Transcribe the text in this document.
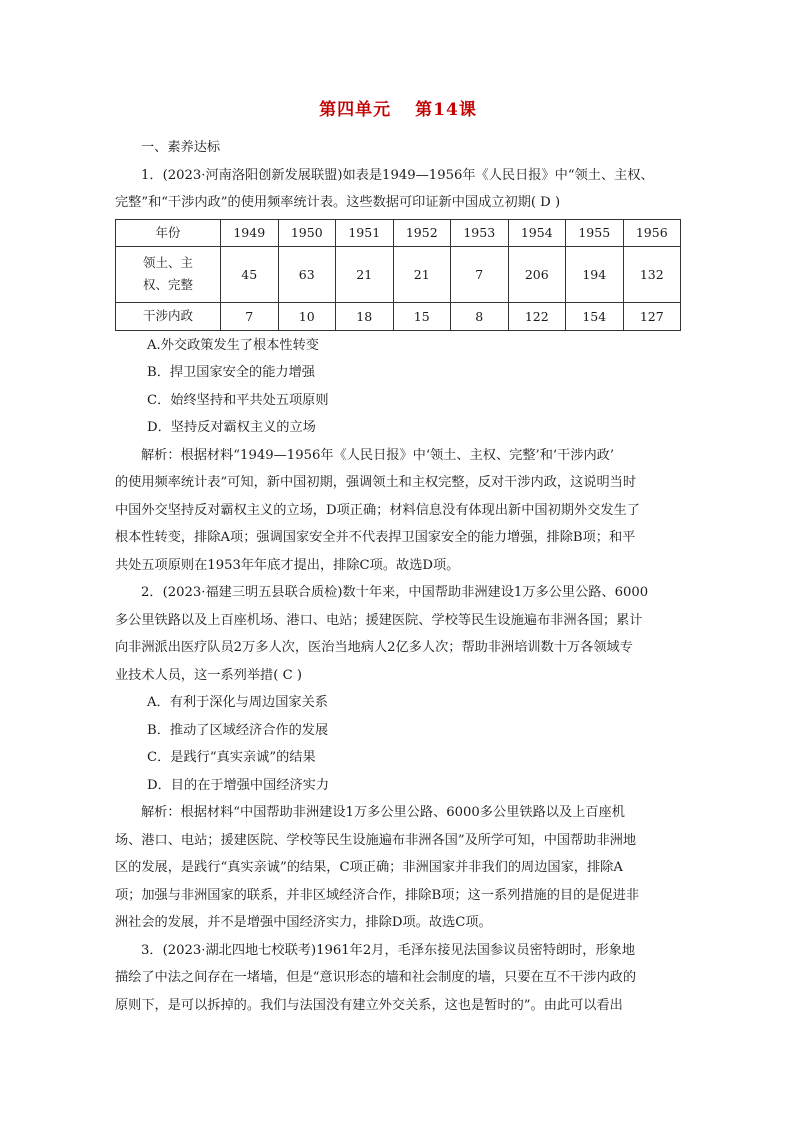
第四单元 第14课

一、素养达标

1．(2023·河南洛阳创新发展联盟)如表是1949—1956年《人民日报》中“领土、主权、

完整”和“干涉内政”的使用频率统计表。这些数据可印证新中国成立初期( D )

年份	1949	1950	1951	1952	1953	1954	1955	1956

领土、主
权、完整	45	63	21	21	7	206	194	132
干涉内政	7	10	18	15	8	122	154	127

A.外交政策发生了根本性转变

B．捍卫国家安全的能力增强

C．始终坚持和平共处五项原则

D．坚持反对霸权主义的立场

解析：根据材料“1949—1956年《人民日报》中‘领土、主权、完整’和‘干涉内政’

的使用频率统计表”可知，新中国初期，强调领土和主权完整，反对干涉内政，这说明当时

中国外交坚持反对霸权主义的立场，D项正确；材料信息没有体现出新中国初期外交发生了

根本性转变，排除A项；强调国家安全并不代表捍卫国家安全的能力增强，排除B项；和平

共处五项原则在1953年年底才提出，排除C项。故选D项。

2．(2023·福建三明五县联合质检)数十年来，中国帮助非洲建设1万多公里公路、6000

多公里铁路以及上百座机场、港口、电站；援建医院、学校等民生设施遍布非洲各国；累计

向非洲派出医疗队员2万多人次，医治当地病人2亿多人次；帮助非洲培训数十万各领域专

业技术人员，这一系列举措( C )

A．有利于深化与周边国家关系

B．推动了区域经济合作的发展

C．是践行“真实亲诚”的结果

D．目的在于增强中国经济实力

解析：根据材料“中国帮助非洲建设1万多公里公路、6000多公里铁路以及上百座机

场、港口、电站；援建医院、学校等民生设施遍布非洲各国”及所学可知，中国帮助非洲地

区的发展，是践行“真实亲诚”的结果，C项正确；非洲国家并非我们的周边国家，排除A

项；加强与非洲国家的联系，并非区域经济合作，排除B项；这一系列措施的目的是促进非

洲社会的发展，并不是增强中国经济实力，排除D项。故选C项。

3．(2023·湖北四地七校联考)1961年2月，毛泽东接见法国参议员密特朗时，形象地

描绘了中法之间存在一堵墙，但是“意识形态的墙和社会制度的墙，只要在互不干涉内政的

原则下，是可以拆掉的。我们与法国没有建立外交关系，这也是暂时的”。由此可以看出
